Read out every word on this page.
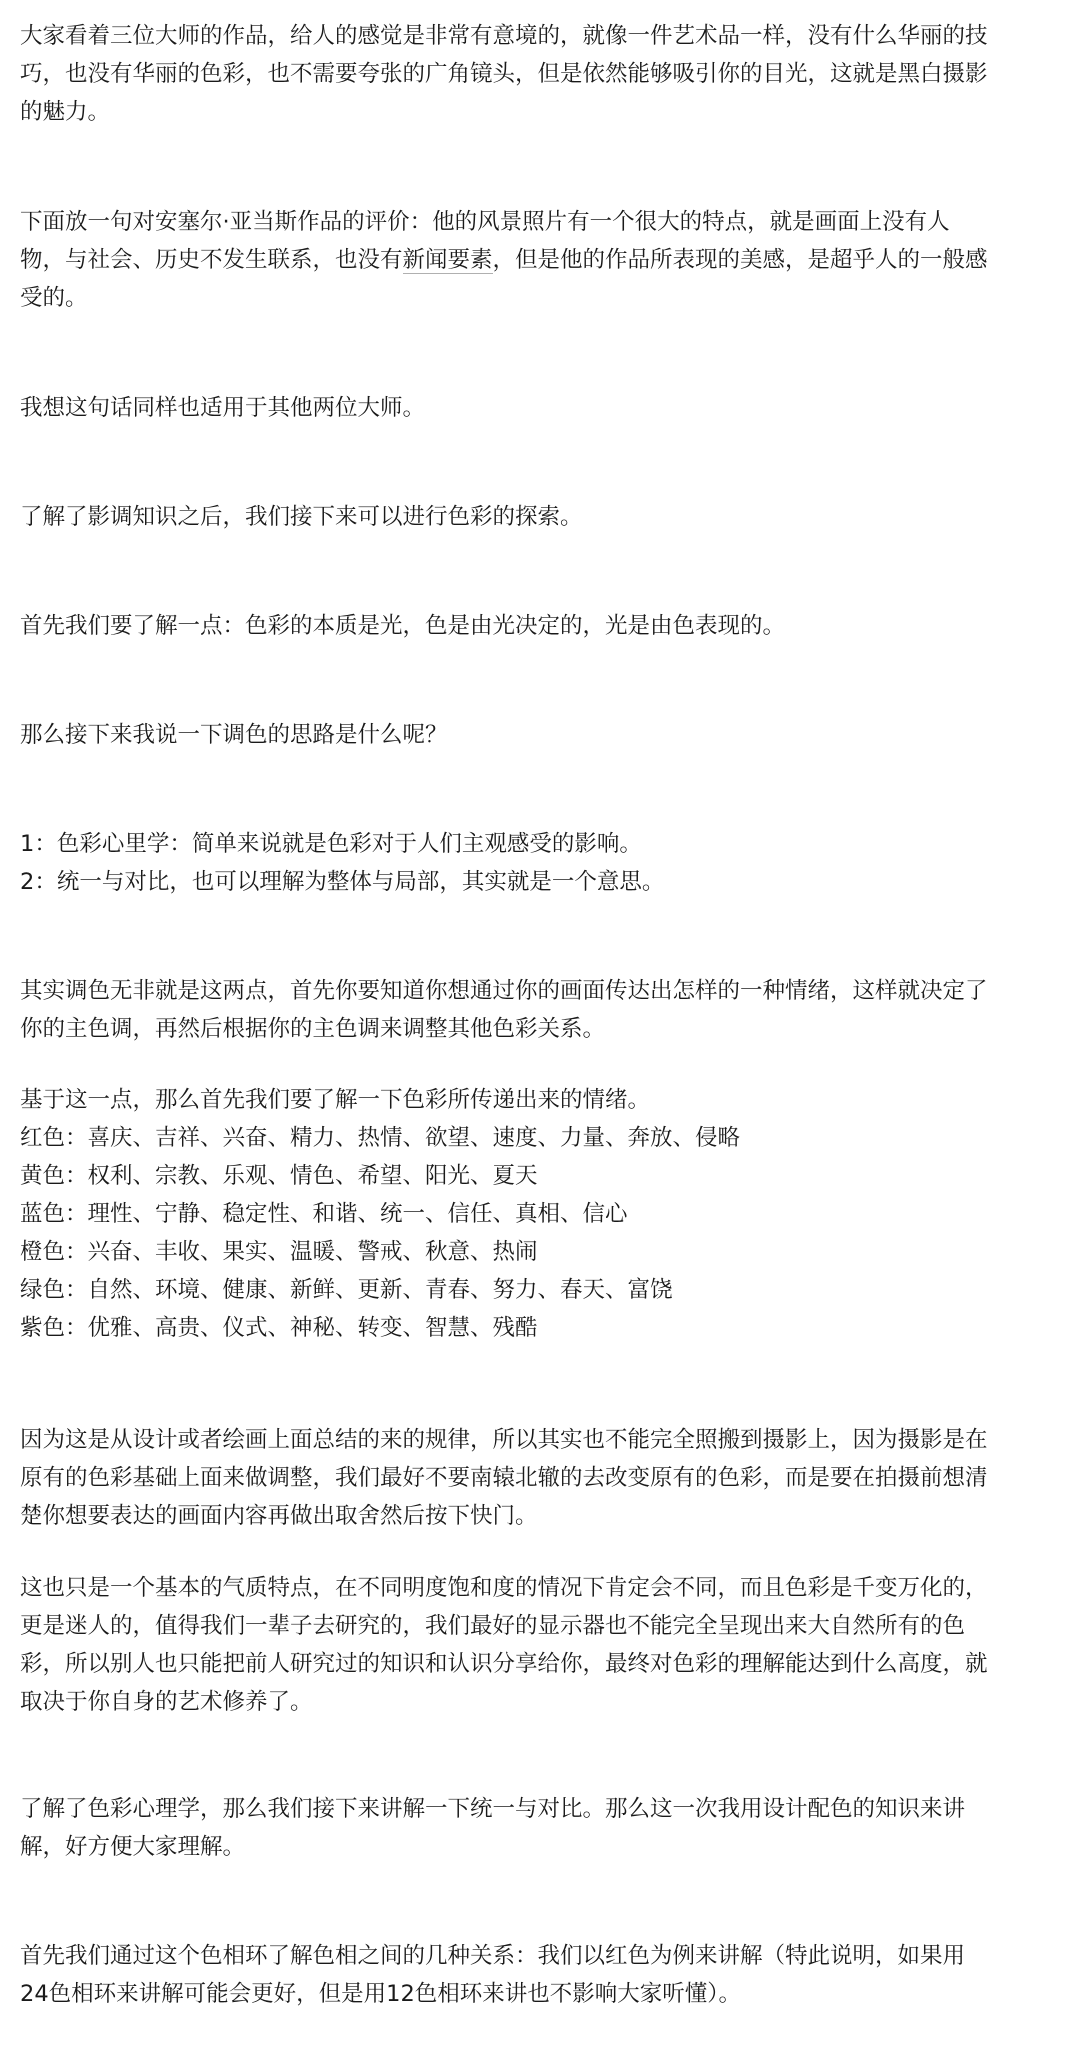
大家看着三位大师的作品，给人的感觉是非常有意境的，就像一件艺术品一样，没有什么华丽的技
巧，也没有华丽的色彩，也不需要夸张的广角镜头，但是依然能够吸引你的目光，这就是黑白摄影
的魅力。
下面放一句对安塞尔·亚当斯作品的评价：他的风景照片有一个很大的特点，就是画面上没有人
物，与社会、历史不发生联系，也没有新闻要素，但是他的作品所表现的美感，是超乎人的一般感
受的。
我想这句话同样也适用于其他两位大师。
了解了影调知识之后，我们接下来可以进行色彩的探索。
首先我们要了解一点：色彩的本质是光，色是由光决定的，光是由色表现的。
那么接下来我说一下调色的思路是什么呢？
1：色彩心里学：简单来说就是色彩对于人们主观感受的影响。
2：统一与对比，也可以理解为整体与局部，其实就是一个意思。
其实调色无非就是这两点，首先你要知道你想通过你的画面传达出怎样的一种情绪，这样就决定了
你的主色调，再然后根据你的主色调来调整其他色彩关系。
基于这一点，那么首先我们要了解一下色彩所传递出来的情绪。
红色：喜庆、吉祥、兴奋、精力、热情、欲望、速度、力量、奔放、侵略
黄色：权利、宗教、乐观、情色、希望、阳光、夏天
蓝色：理性、宁静、稳定性、和谐、统一、信任、真相、信心
橙色：兴奋、丰收、果实、温暖、警戒、秋意、热闹
绿色：自然、环境、健康、新鲜、更新、青春、努力、春天、富饶
紫色：优雅、高贵、仪式、神秘、转变、智慧、残酷
因为这是从设计或者绘画上面总结的来的规律，所以其实也不能完全照搬到摄影上，因为摄影是在
原有的色彩基础上面来做调整，我们最好不要南辕北辙的去改变原有的色彩，而是要在拍摄前想清
楚你想要表达的画面内容再做出取舍然后按下快门。
这也只是一个基本的气质特点，在不同明度饱和度的情况下肯定会不同，而且色彩是千变万化的，
更是迷人的，值得我们一辈子去研究的，我们最好的显示器也不能完全呈现出来大自然所有的色
彩，所以别人也只能把前人研究过的知识和认识分享给你，最终对色彩的理解能达到什么高度，就
取决于你自身的艺术修养了。
了解了色彩心理学，那么我们接下来讲解一下统一与对比。那么这一次我用设计配色的知识来讲
解，好方便大家理解。
首先我们通过这个色相环了解色相之间的几种关系：我们以红色为例来讲解（特此说明，如果用
24色相环来讲解可能会更好，但是用12色相环来讲也不影响大家听懂）。
